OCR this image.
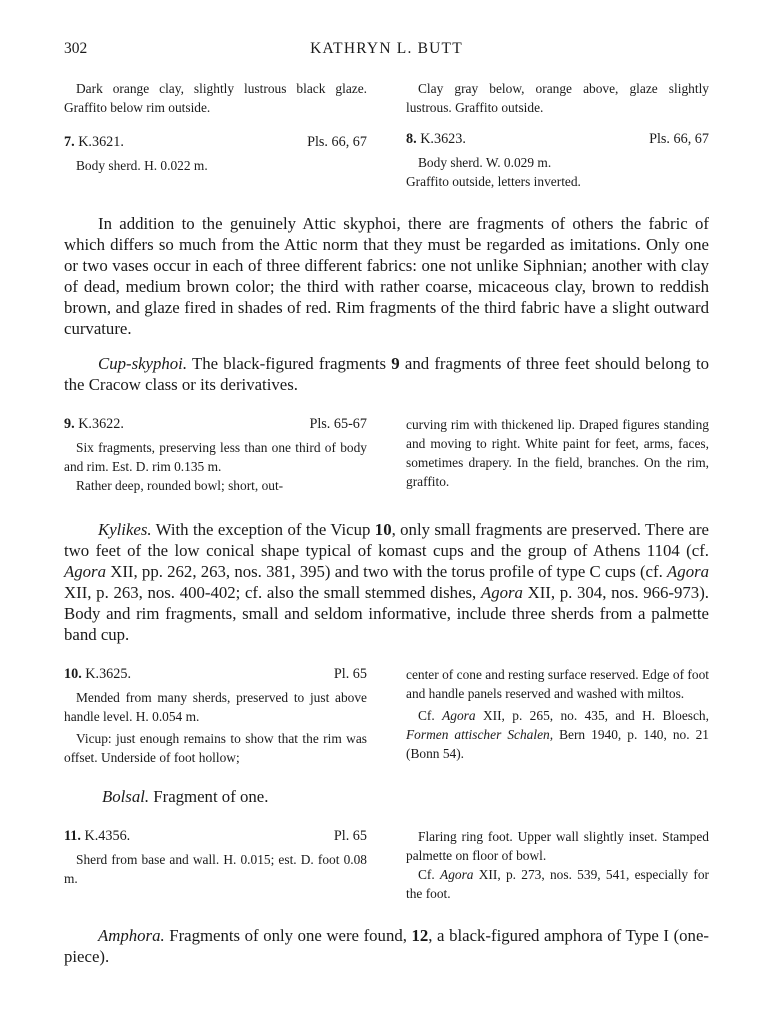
302	KATHRYN L. BUTT

Dark orange clay, slightly lustrous black glaze. Graffito below rim outside.

7. K.3621.	Pls. 66, 67

Body sherd. H. 0.022 m.

Clay gray below, orange above, glaze slightly lustrous. Graffito outside.

8. K.3623.	Pls. 66, 67

Body sherd. W. 0.029 m.

Graffito outside, letters inverted.

In addition to the genuinely Attic skyphoi, there are fragments of others the fabric of which differs so much from the Attic norm that they must be regarded as imitations. Only one or two vases occur in each of three different fabrics: one not unlike Siphnian; another with clay of dead, medium brown color; the third with rather coarse, micaceous clay, brown to reddish brown, and glaze fired in shades of red. Rim fragments of the third fabric have a slight outward curvature.

Cup-skyphoi. The black-figured fragments 9 and fragments of three feet should belong to the Cracow class or its derivatives.

9. K.3622.	Pls. 65-67

Six fragments, preserving less than one third of body and rim. Est. D. rim 0.135 m.

Rather deep, rounded bowl; short, out-

curving rim with thickened lip. Draped figures standing and moving to right. White paint for feet, arms, faces, sometimes drapery. In the field, branches. On the rim, graffito.

Kylikes. With the exception of the Vicup 10, only small fragments are preserved. There are two feet of the low conical shape typical of komast cups and the group of Athens 1104 (cf. Agora XII, pp. 262, 263, nos. 381, 395) and two with the torus profile of type C cups (cf. Agora XII, p. 263, nos. 400-402; cf. also the small stemmed dishes, Agora XII, p. 304, nos. 966-973). Body and rim fragments, small and seldom informative, include three sherds from a palmette band cup.

10. K.3625.	Pl. 65

Mended from many sherds, preserved to just above handle level. H. 0.054 m.

Vicup: just enough remains to show that the rim was offset. Underside of foot hollow;

center of cone and resting surface reserved. Edge of foot and handle panels reserved and washed with miltos.

Cf. Agora XII, p. 265, no. 435, and H. Bloesch, Formen attischer Schalen, Bern 1940, p. 140, no. 21 (Bonn 54).

Bolsal. Fragment of one.
11. K.4356.	Pl. 65

Sherd from base and wall. H. 0.015; est. D. foot 0.08 m.

Flaring ring foot. Upper wall slightly inset. Stamped palmette on floor of bowl.

Cf. Agora XII, p. 273, nos. 539, 541, especially for the foot.

Amphora. Fragments of only one were found, 12, a black-figured amphora of Type I (one-piece).
